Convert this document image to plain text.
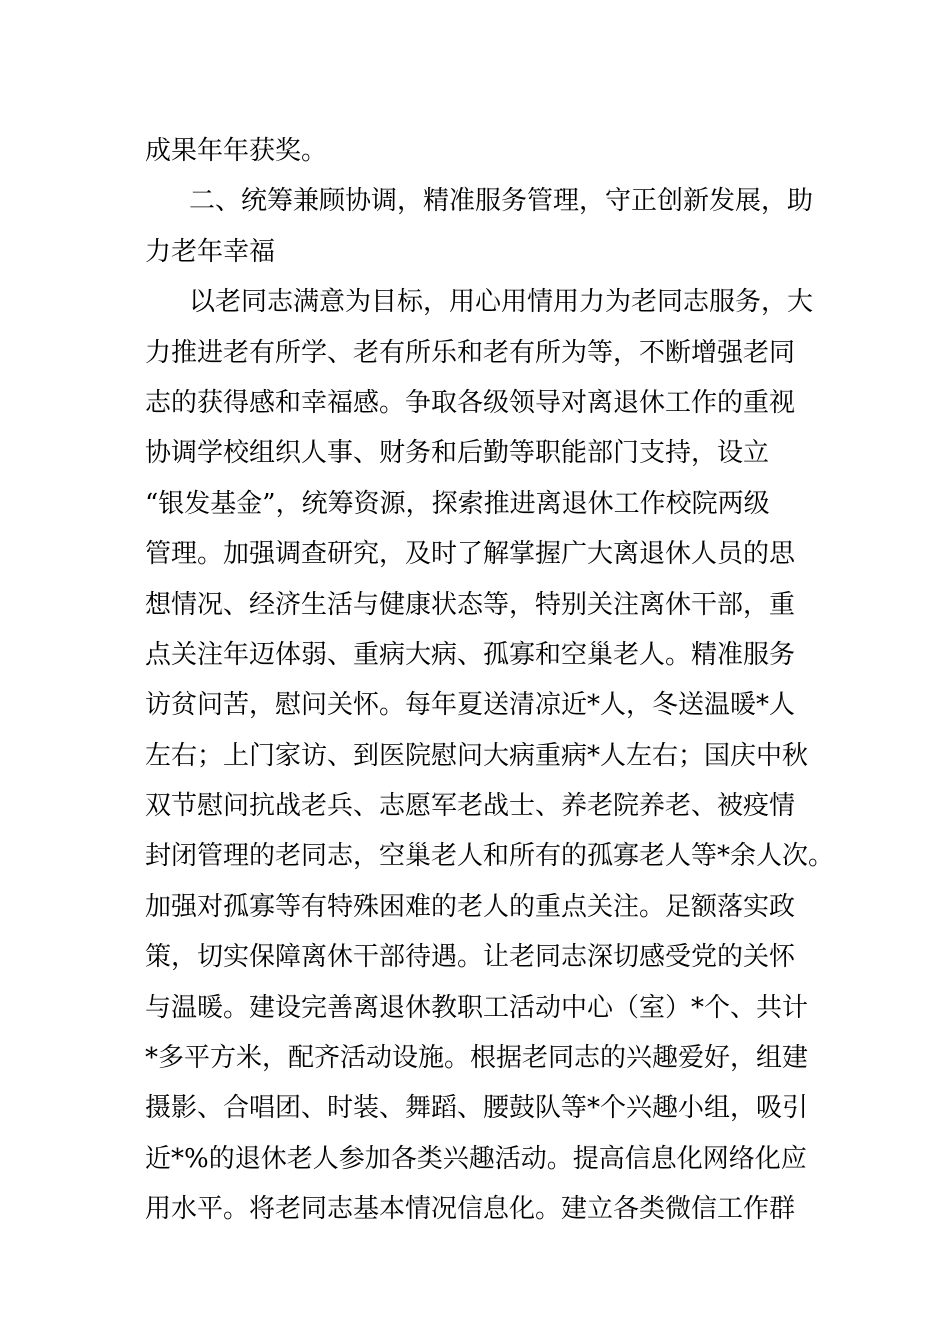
成果年年获奖。
二、统筹兼顾协调，精准服务管理，守正创新发展，助
力老年幸福
以老同志满意为目标，用心用情用力为老同志服务，大
力推进老有所学、老有所乐和老有所为等，不断增强老同
志的获得感和幸福感。争取各级领导对离退休工作的重视
协调学校组织人事、财务和后勤等职能部门支持，设立
“银发基金”，统筹资源，探索推进离退休工作校院两级
管理。加强调查研究，及时了解掌握广大离退休人员的思
想情况、经济生活与健康状态等，特别关注离休干部，重
点关注年迈体弱、重病大病、孤寡和空巢老人。精准服务
访贫问苦，慰问关怀。每年夏送清凉近*人，冬送温暖*人
左右；上门家访、到医院慰问大病重病*人左右；国庆中秋
双节慰问抗战老兵、志愿军老战士、养老院养老、被疫情
封闭管理的老同志，空巢老人和所有的孤寡老人等*余人次。
加强对孤寡等有特殊困难的老人的重点关注。足额落实政
策，切实保障离休干部待遇。让老同志深切感受党的关怀
与温暖。建设完善离退休教职工活动中心（室）*个、共计
*多平方米，配齐活动设施。根据老同志的兴趣爱好，组建
摄影、合唱团、时装、舞蹈、腰鼓队等*个兴趣小组，吸引
近*%的退休老人参加各类兴趣活动。提高信息化网络化应
用水平。将老同志基本情况信息化。建立各类微信工作群
